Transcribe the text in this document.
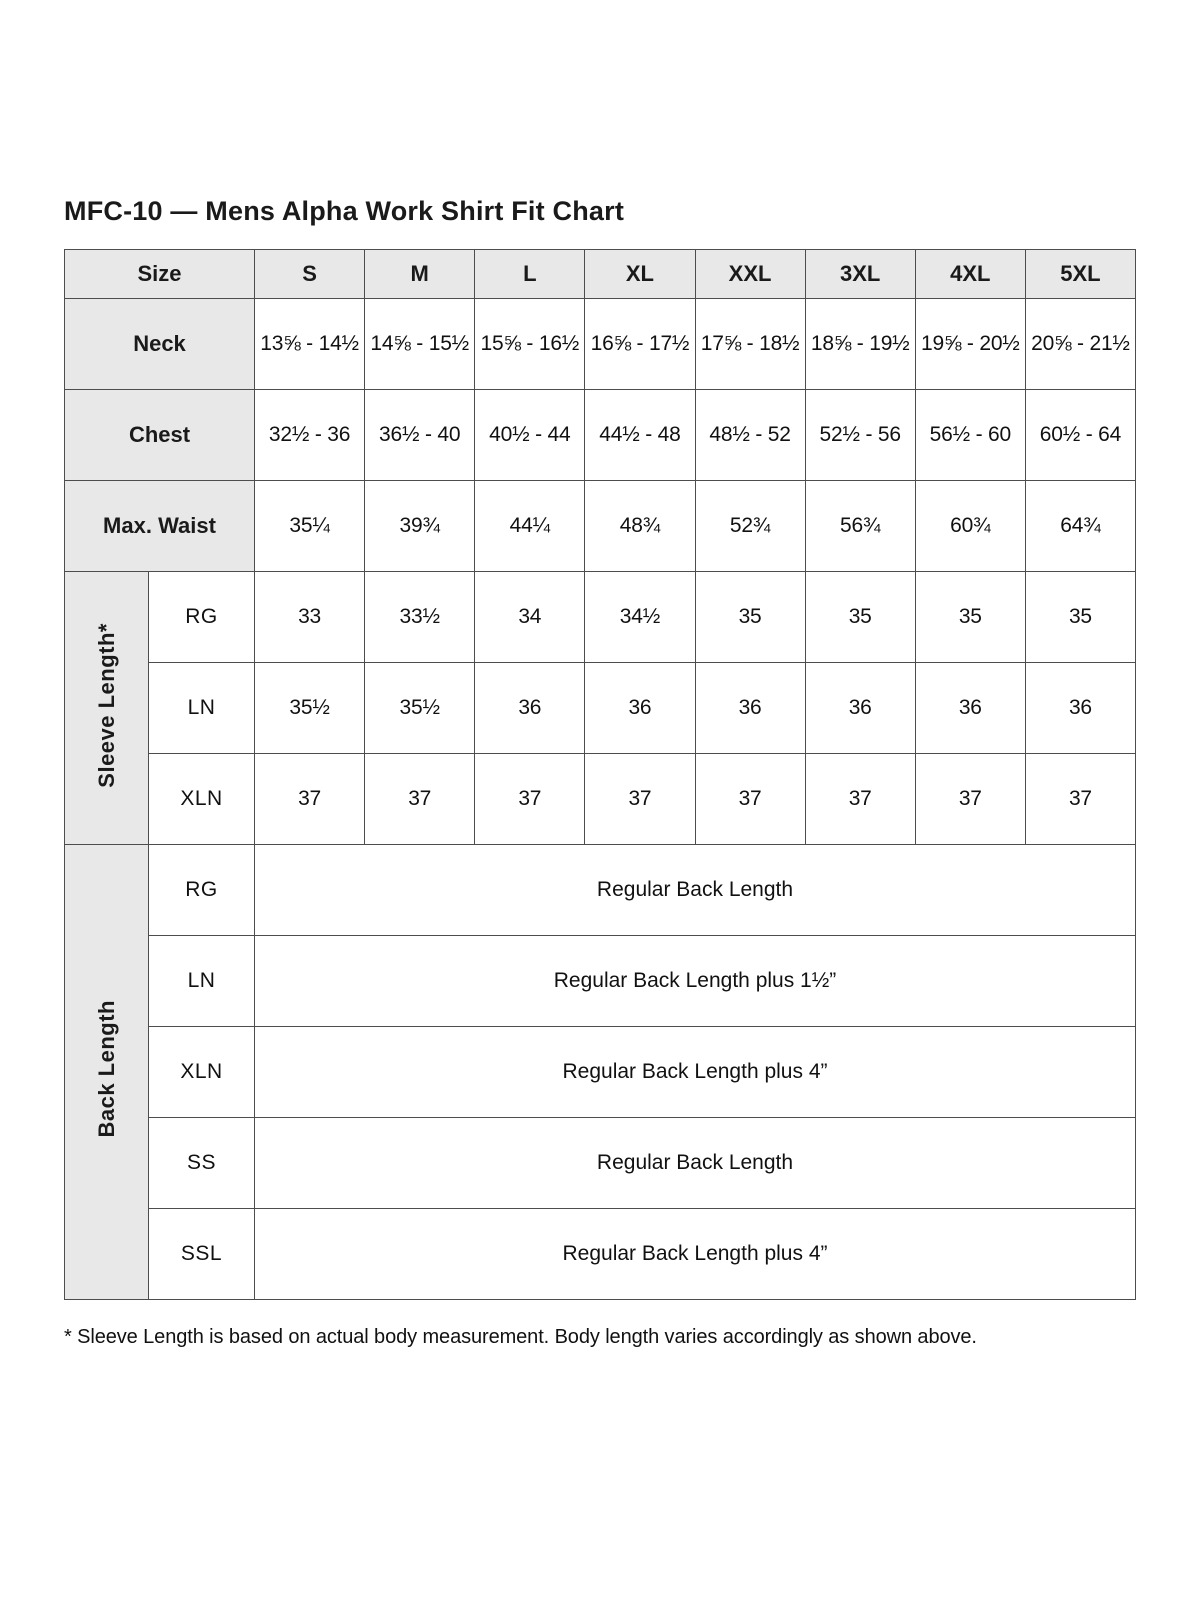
MFC-10 — Mens Alpha Work Shirt Fit Chart
Size		S	M	L	XL	XXL	3XL	4XL	5XL
Neck		13⅝ - 14½	14⅝ - 15½	15⅝ - 16½	16⅝ - 17½	17⅝ - 18½	18⅝ - 19½	19⅝ - 20½	20⅝ - 21½
Chest		32½ - 36	36½ - 40	40½ - 44	44½ - 48	48½ - 52	52½ - 56	56½ - 60	60½ - 64
Max. Waist		35¼	39¾	44¼	48¾	52¾	56¾	60¾	64¾
Sleeve Length*	RG	33	33½	34	34½	35	35	35	35
	LN	35½	35½	36	36	36	36	36	36
	XLN	37	37	37	37	37	37	37	37
Back Length	RG	Regular Back Length							
	LN	Regular Back Length plus 1½”							
	XLN	Regular Back Length plus 4”							
	SS	Regular Back Length							
	SSL	Regular Back Length plus 4”							
* Sleeve Length is based on actual body measurement. Body length varies accordingly as shown above.
